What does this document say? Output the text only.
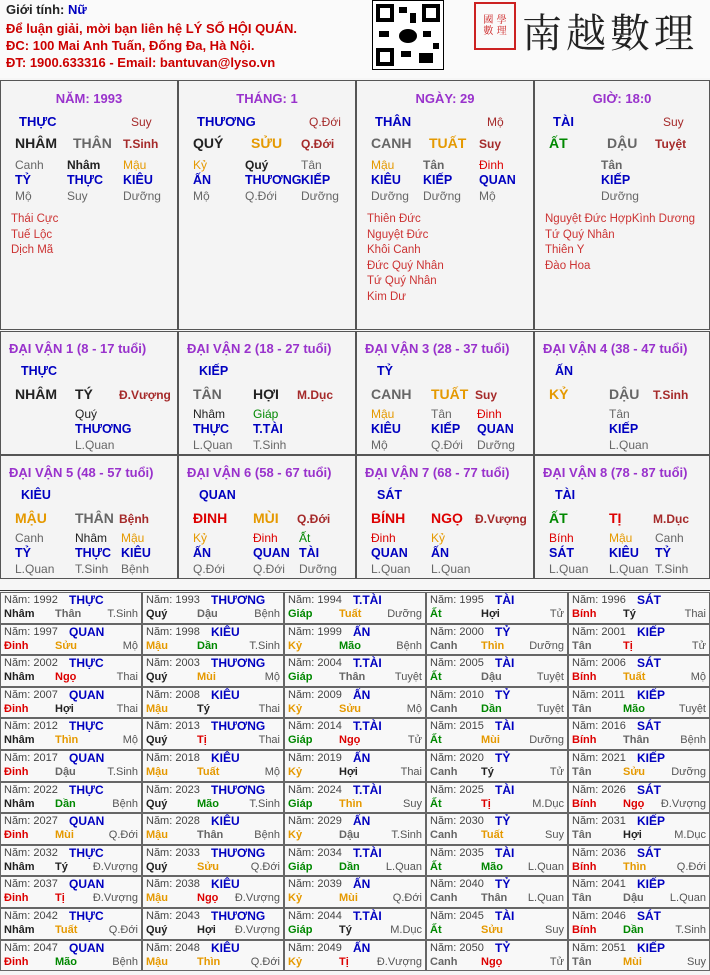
Giới tính: Nữ
Để luận giải, mời bạn liên hệ LÝ SỐ HỘI QUÁN.
ĐC: 100 Mai Anh Tuấn, Đống Đa, Hà Nội.
ĐT: 1900.633316 - Email: bantuvan@lyso.vn
國 學 數 理 南越數理
Năm: 1992 THỰC
Nhâm Thân T.Sinh
Năm: 1993 THƯƠNG
Quý	Dậu	Bệnh
Năm: 1994 T.TÀI
Giáp Tuất Dưỡng
Năm: 1995 TÀI
Ất	Hợi	Tử
Năm: 1996 SÁT
Bính Tý	Thai
Năm: 1997 QUAN
Đinh Sửu	Mộ
Năm: 1998 KIÊU
Mậu	Dần	T.Sinh
Năm: 1999 ẤN
Kỷ	Mão	Bệnh
Năm: 2000 TỶ
Canh Thìn Dưỡng
Năm: 2001 KIẾP
Tân	Tị	Tử
Năm: 2002 THỰC
Nhâm Ngọ	Thai
Năm: 2003 THƯƠNG
Quý	Mùi	Mộ
Năm: 2004 T.TÀI
Giáp Thân	Tuyệt
Năm: 2005 TÀI
Ất	Dậu	Tuyệt
Năm: 2006 SÁT
Bính Tuất	Mộ
Năm: 2007 QUAN
Đinh Hợi	Thai
Năm: 2008 KIÊU
Mậu	Tý	Thai
Năm: 2009 ẤN
Kỷ	Sửu	Mộ
Năm: 2010 TỶ
Canh Dần	Tuyệt
Năm: 2011 KIẾP
Tân	Mão	Tuyệt
Năm: 2012 THỰC
Nhâm Thìn	Mộ
Năm: 2013 THƯƠNG
Quý	Tị	Thai
Năm: 2014 T.TÀI
Giáp Ngọ	Tử
Năm: 2015 TÀI
Ất	Mùi	Dưỡng
Năm: 2016 SÁT
Bính Thân	Bệnh
Năm: 2017 QUAN
Đinh Dậu	T.Sinh
Năm: 2018 KIÊU
Mậu	Tuất	Mộ
Năm: 2019 ẤN
Kỷ	Hợi	Thai
Năm: 2020 TỶ
Canh Tý	Tử
Năm: 2021 KIẾP
Tân	Sửu Dưỡng
Năm: 2022 THỰC
Nhâm Dần	Bệnh
Năm: 2023 THƯƠNG
Quý	Mão	T.Sinh
Năm: 2024 T.TÀI
Giáp Thìn	Suy
Năm: 2025 TÀI
Ất	Tị	M.Dục
Năm: 2026 SÁT
Bính Ngọ Đ.Vượng
Năm: 2027 QUAN
Đinh Mùi	Q.Đới
Năm: 2028 KIÊU
Mậu	Thân	Bệnh
Năm: 2029 ẤN
Kỷ	Dậu	T.Sinh
Năm: 2030 TỶ
Canh Tuất	Suy
Năm: 2031 KIẾP
Tân	Hợi	M.Dục
Năm: 2032 THỰC
Nhâm Tý Đ.Vượng
Năm: 2033 THƯƠNG
Quý	Sửu	Q.Đới
Năm: 2034 T.TÀI
Giáp Dần L.Quan
Năm: 2035 TÀI
Ất	Mão L.Quan
Năm: 2036 SÁT
Bính Thìn	Q.Đới
Năm: 2037 QUAN
Đinh Tị	Đ.Vượng
Năm: 2038 KIÊU
Mậu	Ngọ Đ.Vượng
Năm: 2039 ẤN
Kỷ	Mùi	Q.Đới
Năm: 2040 TỶ
Canh Thân L.Quan
Năm: 2041 KIẾP
Tân	Dậu L.Quan
Năm: 2042 THỰC
Nhâm Tuất	Q.Đới
Năm: 2043 THƯƠNG
Quý	Hợi Đ.Vượng
Năm: 2044 T.TÀI
Giáp Tý	M.Dục
Năm: 2045 TÀI
Ất	Sửu	Suy
Năm: 2046 SÁT
Bính Dần	T.Sinh
Năm: 2047 QUAN
Đinh Mão	Bệnh
Năm: 2048 KIÊU
Mậu	Thìn	Q.Đới
Năm: 2049 ẤN
Kỷ	Tị	Đ.Vượng
Năm: 2050 TỶ
Canh Ngọ	Tử
Năm: 2051 KIẾP
Tân	Mùi	Suy
NĂM: 1993
THỰC	Suy
NHÂM THÂN T.Sinh
Canh Nhâm Mậu
TỶ	THỰC KIÊU
Mộ	Suy	Dưỡng
Thái Cực
Tuế Lộc
Dịch Mã
THÁNG: 1
THƯƠNG	Q.Đới
QUÝ SỬU Q.Đới
Kỷ	Quý	Tân
ẤN	THƯƠNG KIẾP
Mộ	Q.Đới Dưỡng
NGÀY: 29
THÂN	Mộ
CANH TUẤT Suy
Mậu Tân	Đinh
KIÊU KIẾP QUAN
Dưỡng Dưỡng Mộ
Thiên Đức
Nguyệt Đức
Khôi Canh
Đức Quý Nhân
Tứ Quý Nhân
Kim Dư
GIỜ: 18:0
TÀI	Suy
ẤT	DẬU Tuyệt
Tân
KIẾP
Dưỡng
Nguyệt Đức HợpKình Dương
Tứ Quý Nhân
Thiên Y
Đào Hoa
ĐẠI VẬN 1 (8 - 17 tuổi)
THỰC
NHÂM TÝ Đ.Vượng
Quý
THƯƠNG
L.Quan
ĐẠI VẬN 2 (18 - 27 tuổi)
KIẾP
TÂN HỢI M.Dục
Nhâm Giáp
THỰC T.TÀI
L.Quan T.Sinh
ĐẠI VẬN 3 (28 - 37 tuổi)
TỶ
CANH TUẤT Suy
Mậu	Tân Đinh
KIÊU KIẾP QUAN
Mộ	Q.Đới Dưỡng
ĐẠI VẬN 4 (38 - 47 tuổi)
ẤN
KỶ	DẬU T.Sinh
Tân
KIẾP
L.Quan
ĐẠI VẬN 5 (48 - 57 tuổi)
KIÊU
MẬU THÂN Bệnh
Canh	Nhâm Mậu
TỶ	THỰC KIÊU
L.Quan T.Sinh Bệnh
ĐẠI VẬN 6 (58 - 67 tuổi)
QUAN
ĐINH MÙI Q.Đới
Kỷ	Đinh Ất
ẤN	QUAN TÀI
Q.Đới Q.Đới Dưỡng
ĐẠI VẬN 7 (68 - 77 tuổi)
SÁT
BÍNH NGỌ Đ.Vượng
Đinh	Kỷ
QUAN ẤN
L.Quan L.Quan
ĐẠI VẬN 8 (78 - 87 tuổi)
TÀI
ẤT	TỊ	M.Dục
Bính	Mậu Canh
SÁT	KIÊU TỶ
L.Quan L.Quan T.Sinh
